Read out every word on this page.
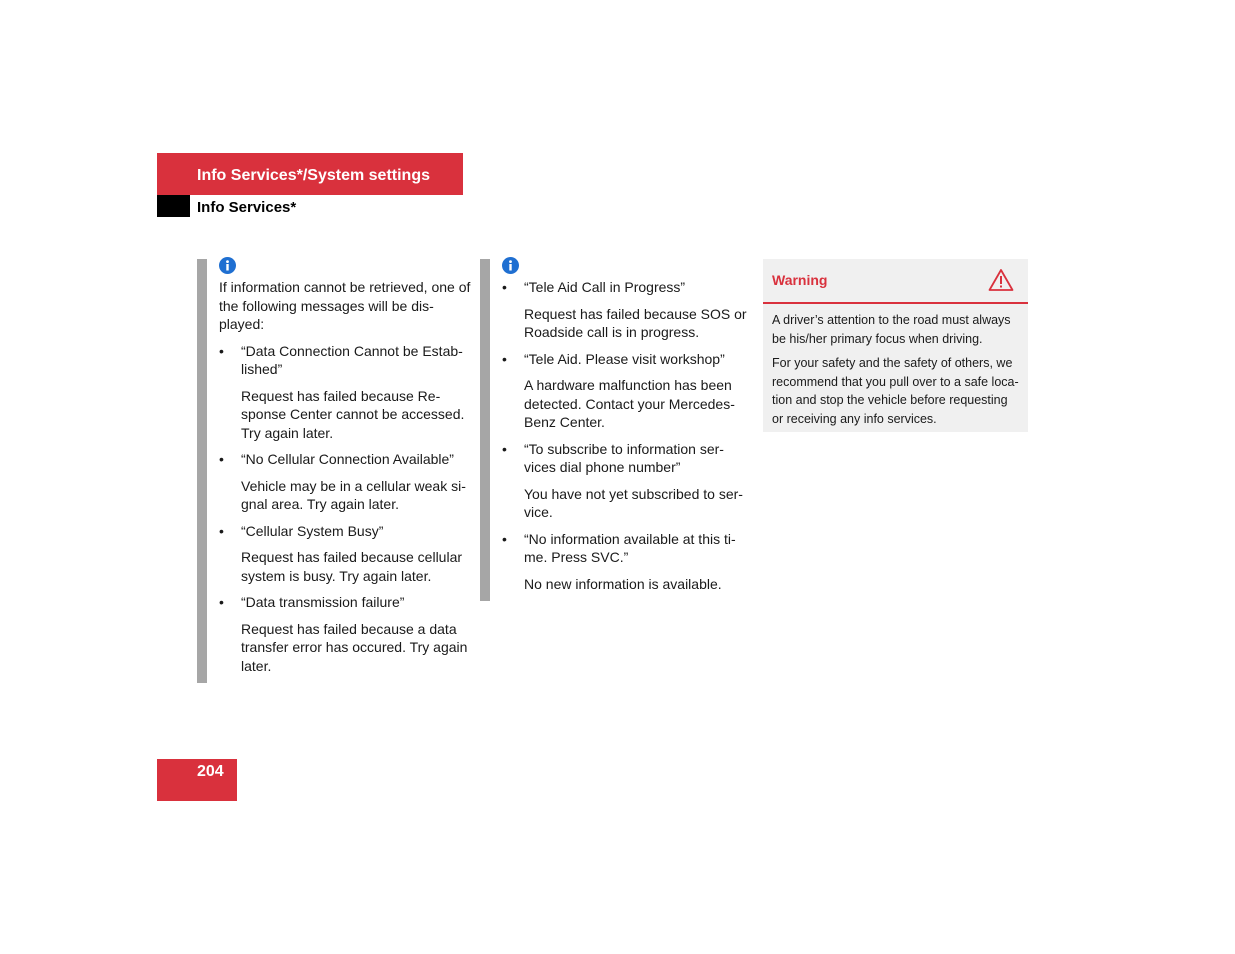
Info Services*/System settings
Info Services*

If information cannot be retrieved, one of the following messages will be dis-played:

• “Data Connection Cannot be Estab-lished”
Request has failed because Re-sponse Center cannot be accessed. Try again later.
• “No Cellular Connection Available”
Vehicle may be in a cellular weak si-gnal area. Try again later.
• “Cellular System Busy”
Request has failed because cellular system is busy. Try again later.
• “Data transmission failure”
Request has failed because a data transfer error has occured. Try again later.
• “Tele Aid Call in Progress”
Request has failed because SOS or Roadside call is in progress.
• “Tele Aid. Please visit workshop”
A hardware malfunction has been detected. Contact your Mercedes-Benz Center.
• “To subscribe to information ser-vices dial phone number”
You have not yet subscribed to ser-vice.
• “No information available at this ti-me. Press SVC.”
No new information is available.
Warning

A driver’s attention to the road must always be his/her primary focus when driving.

For your safety and the safety of others, we recommend that you pull over to a safe loca-tion and stop the vehicle before requesting or receiving any info services.

204
